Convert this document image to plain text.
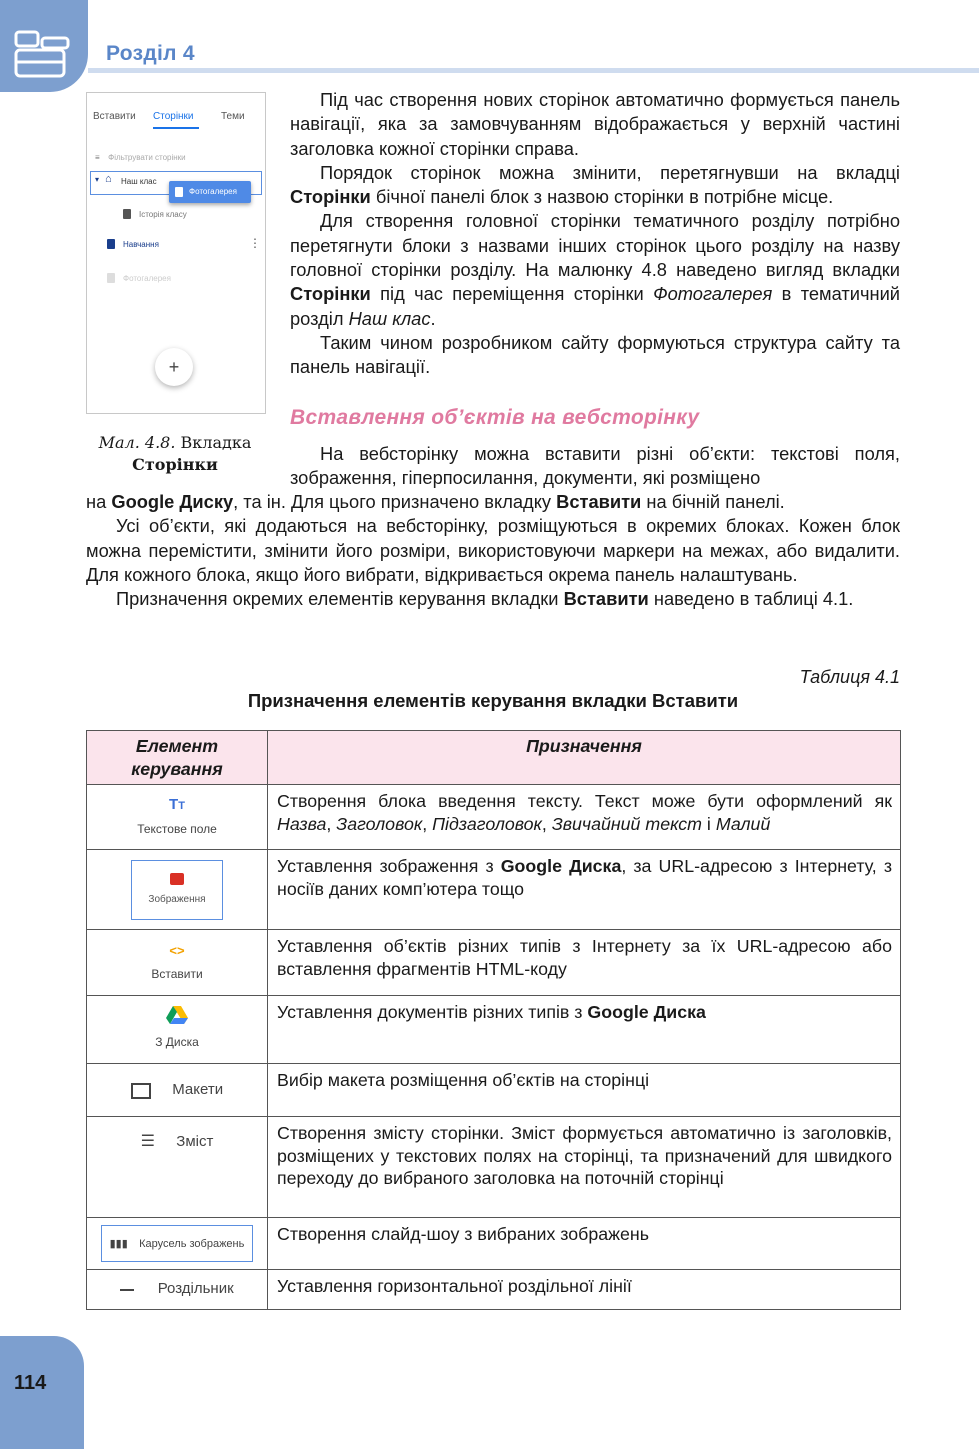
Розділ 4
Вставити Сторінки	Теми
≡ Фільтрувати сторінки
▾ ⌂ Наш клас
Фотогалерея
Історія класу
Навчання	⋮
Фотогалерея
+
Мал. 4.8. Вкладка Сторінки
Під час створення нових сторінок автоматично формується панель навігації, яка за замовчуванням відображається у верхній частині заголовка кожної сторінки справа.
Порядок сторінок можна змінити, перетягнувши на вкладці Сторінки бічної панелі блок з назвою сторінки в потрібне місце.
Для створення головної сторінки тематичного розділу потрібно перетягнути блоки з назвами інших сторінок цього розділу на назву головної сторінки розділу. На малюнку 4.8 наведено вигляд вкладки Сторінки під час переміщення сторінки Фотогалерея в тематичний розділ Наш клас.
Таким чином розробником сайту формуються структура сайту та панель навігації.
Вставлення об’єктів на вебсторінку
На вебсторінку можна вставити різні об’єкти: текстові поля, зображення, гіперпосилання, документи, які розміщено
на Google Диску, та ін. Для цього призначено вкладку Вставити на бічній панелі.
Усі об’єкти, які додаються на вебсторінку, розміщуються в окремих блоках. Кожен блок можна перемістити, змінити його розміри, використовуючи маркери на межах, або видалити. Для кожного блока, якщо його вибрати, відкривається окрема панель налаштувань.
Призначення окремих елементів керування вкладки Вставити наведено в таблиці 4.1.
Таблиця 4.1
Призначення елементів керування вкладки Вставити
Елемент керування	Призначення

TT
Текстове поле	Створення блока введення тексту. Текст може бути оформлений як Назва, Заголовок, Підзаголовок, Звичайний текст і Малий

Зображення	Уставлення зображення з Google Диска, за URL-адресою з Інтернету, з носіїв даних комп’ютера тощо

<>
Вставити	Уставлення об’єктів різних типів з Інтернету за їх URL-адресою або вставлення фрагментів HTML-коду

З Диска	Уставлення документів різних типів з Google Диска
Макети	Вибір макета розміщення об’єктів на сторінці
☰ Зміст	Створення змісту сторінки. Зміст формується автоматично із заголовків, розміщених у текстових полях на сторінці, та призначений для швидкого переходу до вибраного заголовка на поточній сторінці
▮▮▮ Карусель зображень	Створення слайд-шоу з вибраних зображень
Роздільник	Уставлення горизонтальної роздільної лінії
114
